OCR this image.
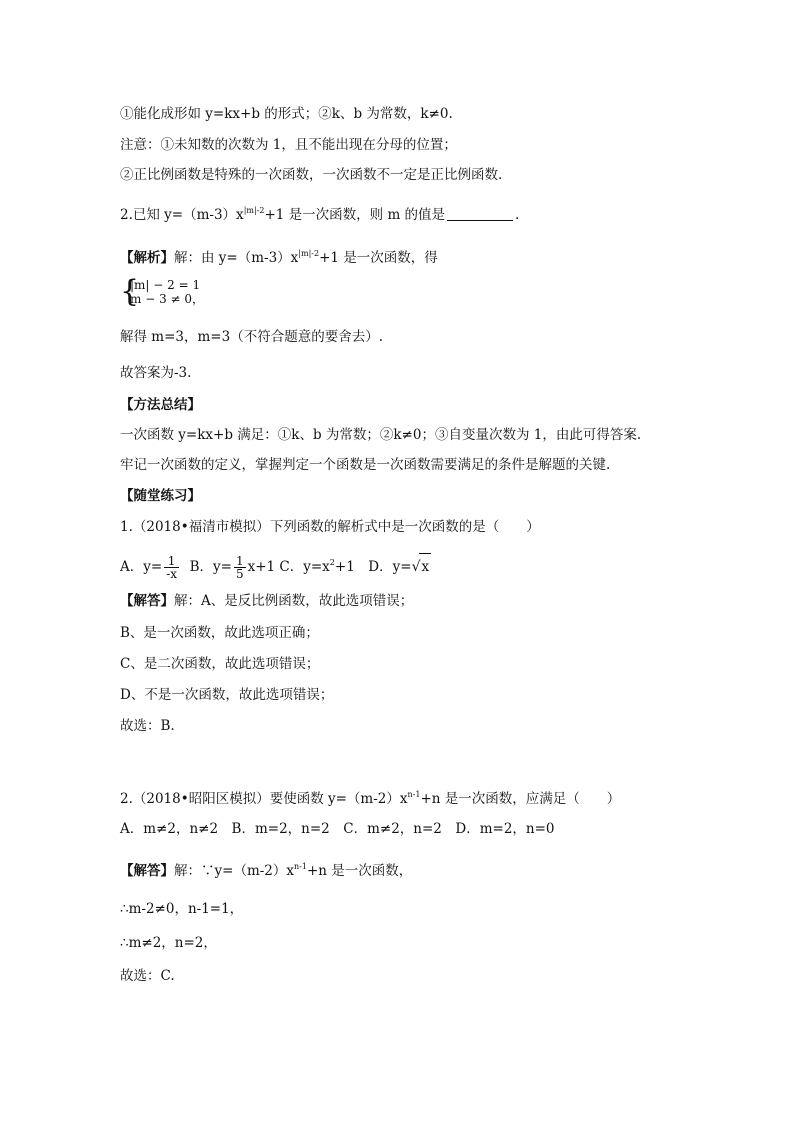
①能化成形如 y=kx+b 的形式；②k、b 为常数，k≠0.
注意：①未知数的次数为 1，且不能出现在分母的位置；
②正比例函数是特殊的一次函数，一次函数不一定是正比例函数.
2.已知 $y=(m-3)x^{|m|-2}+1$ 是一次函数，则 m 的值是	.
【解析】解：由 $y=(m-3)x^{|m|-2}+1$ 是一次函数，得
{
|m| − 2 = 1
m − 3 ≠ 0，
解得 m=3，m=3（不符合题意的要舍去）.
故答案为-3.
【方法总结】
一次函数 y=kx+b 满足：①k、b 为常数；②k≠0；③自变量次数为 1，由此可得答案.
牢记一次函数的定义，掌握判定一个函数是一次函数需要满足的条件是解题的关键.
【随堂练习】
1.（2018•福清市模拟）下列函数的解析式中是一次函数的是（　　）
A．$y= \frac{1}{-x}$ B．$y= \frac{1}{5} x+1$ C．$y=x^2+1$　D．y=√x
【解答】解：A、是反比例函数，故此选项错误；
B、是一次函数，故此选项正确；
C、是二次函数，故此选项错误；
D、不是一次函数，故此选项错误；
故选：B.
2.（2018•昭阳区模拟）要使函数 $y=(m-2)x^{n-1}+n$ 是一次函数，应满足（　　）
A．m≠2，n≠2　B．m=2，n=2　C．m≠2，n=2　D．m=2，n=0
【解答】解：$\because y=(m-2)x^{n-1}+n$ 是一次函数，
∴m-2≠0，n-1=1，
∴m≠2，n=2，
故选：C.
